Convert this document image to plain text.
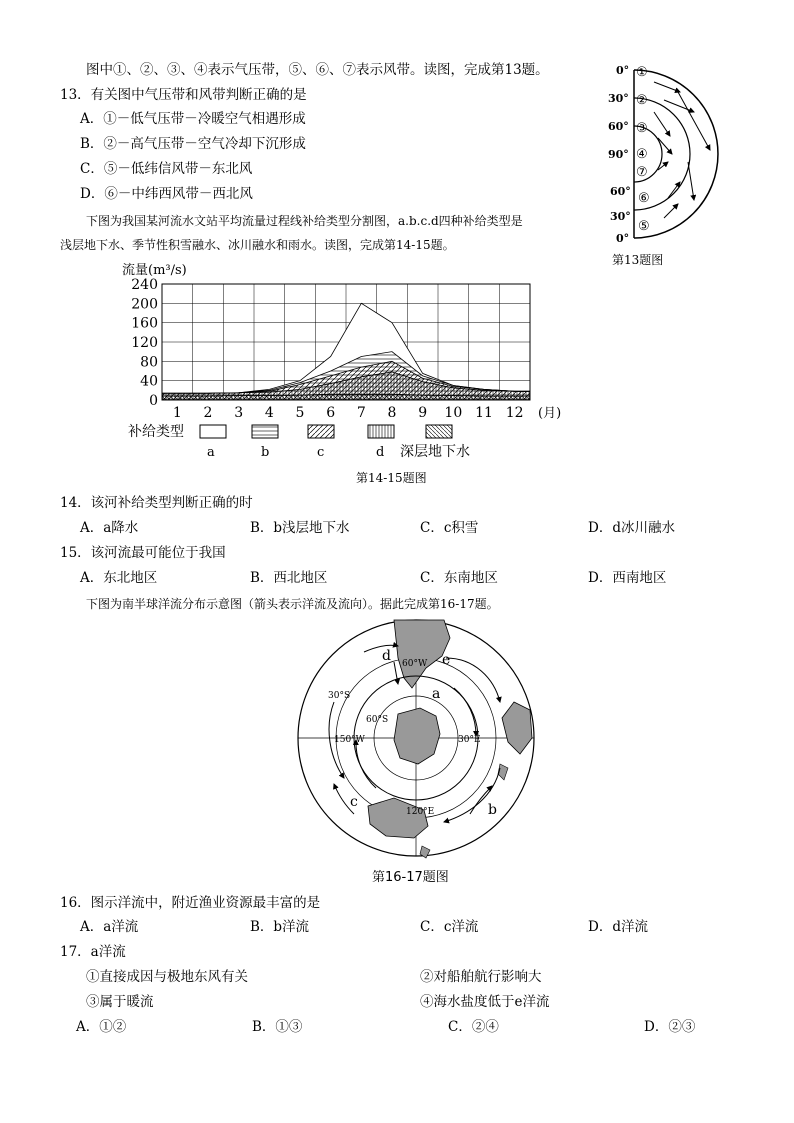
图中①、②、③、④表示气压带，⑤、⑥、⑦表示风带。读图，完成第13题。
13．有关图中气压带和风带判断正确的是
A．①－低气压带－冷暖空气相遇形成
B．②－高气压带－空气冷却下沉形成
C．⑤－低纬信风带－东北风
D．⑥－中纬西风带－西北风
0°
30°
60°
90°
60°
30°
0°
①
②
③
④
⑦
⑥
⑤
第13题图
下图为我国某河流水文站平均流量过程线补给类型分割图，a.b.c.d四种补给类型是
浅层地下水、季节性积雪融水、冰川融水和雨水。读图，完成第14-15题。
流量(m³/s)
0
40
80
120
160
200
240
1 2 3 4 5 6 7 8 9 10 11 12 (月)
补给类型
a	b	c	d 深层地下水
第14-15题图
14．该河补给类型判断正确的时
A．a降水	B．b浅层地下水	C．c积雪	D．d冰川融水
15．该河流最可能位于我国
A．东北地区	B．西北地区	C．东南地区	D．西南地区
下图为南半球洋流分布示意图（箭头表示洋流及流向）。据此完成第16-17题。
60°W
30°S
60°S
150°W	30°E
120°E
d	e
a
b
c
第16-17题图
16．图示洋流中，附近渔业资源最丰富的是
A．a洋流	B．b洋流	C．c洋流	D．d洋流
17．a洋流
①直接成因与极地东风有关	②对船舶航行影响大
③属于暖流	④海水盐度低于e洋流
A．①②	B．①③	C．②④	D．②③
